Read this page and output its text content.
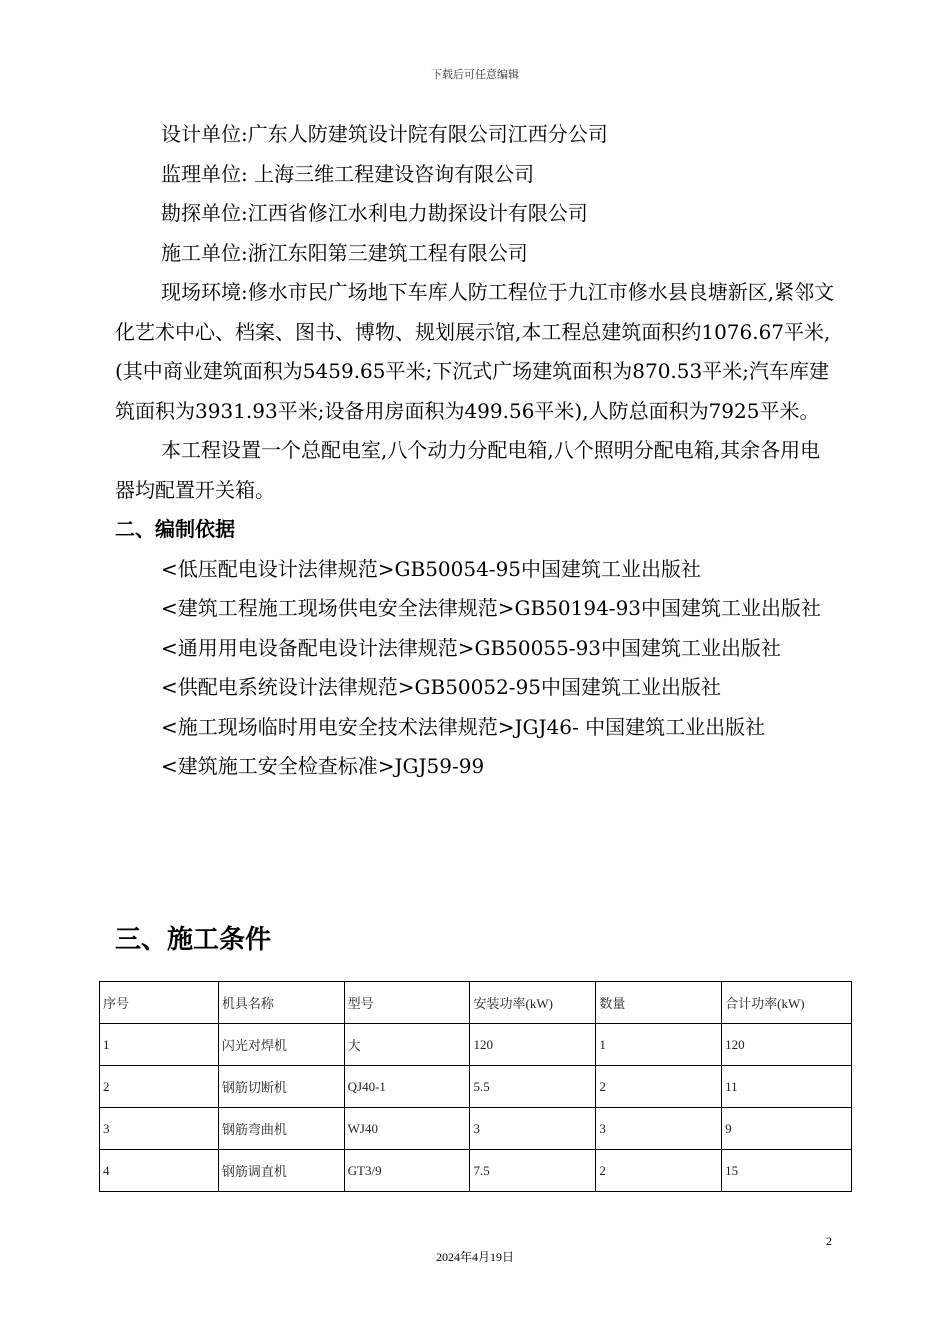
下载后可任意编辑

设计单位:广东人防建筑设计院有限公司江西分公司

监理单位: 上海三维工程建设咨询有限公司

勘探单位:江西省修江水利电力勘探设计有限公司

施工单位:浙江东阳第三建筑工程有限公司

现场环境:修水市民广场地下车库人防工程位于九江市修水县良塘新区,紧邻文化艺术中心、档案、图书、博物、规划展示馆,本工程总建筑面积约1076.67平米,(其中商业建筑面积为5459.65平米;下沉式广场建筑面积为870.53平米;汽车库建筑面积为3931.93平米;设备用房面积为499.56平米),人防总面积为7925平米。

本工程设置一个总配电室,八个动力分配电箱,八个照明分配电箱,其余各用电器均配置开关箱。

二、编制依据

<低压配电设计法律规范>GB50054-95中国建筑工业出版社

<建筑工程施工现场供电安全法律规范>GB50194-93中国建筑工业出版社

<通用用电设备配电设计法律规范>GB50055-93中国建筑工业出版社

<供配电系统设计法律规范>GB50052-95中国建筑工业出版社

<施工现场临时用电安全技术法律规范>JGJ46- 中国建筑工业出版社

<建筑施工安全检查标准>JGJ59-99

三、施工条件

序号	机具名称	型号	安装功率(kW)	数量	合计功率(kW)
1	闪光对焊机	大	120	1	120
2	钢筋切断机	QJ40-1	5.5	2	11
3	钢筋弯曲机	WJ40	3	3	9
4	钢筋调直机	GT3/9	7.5	2	15
2
2024年4月19日
